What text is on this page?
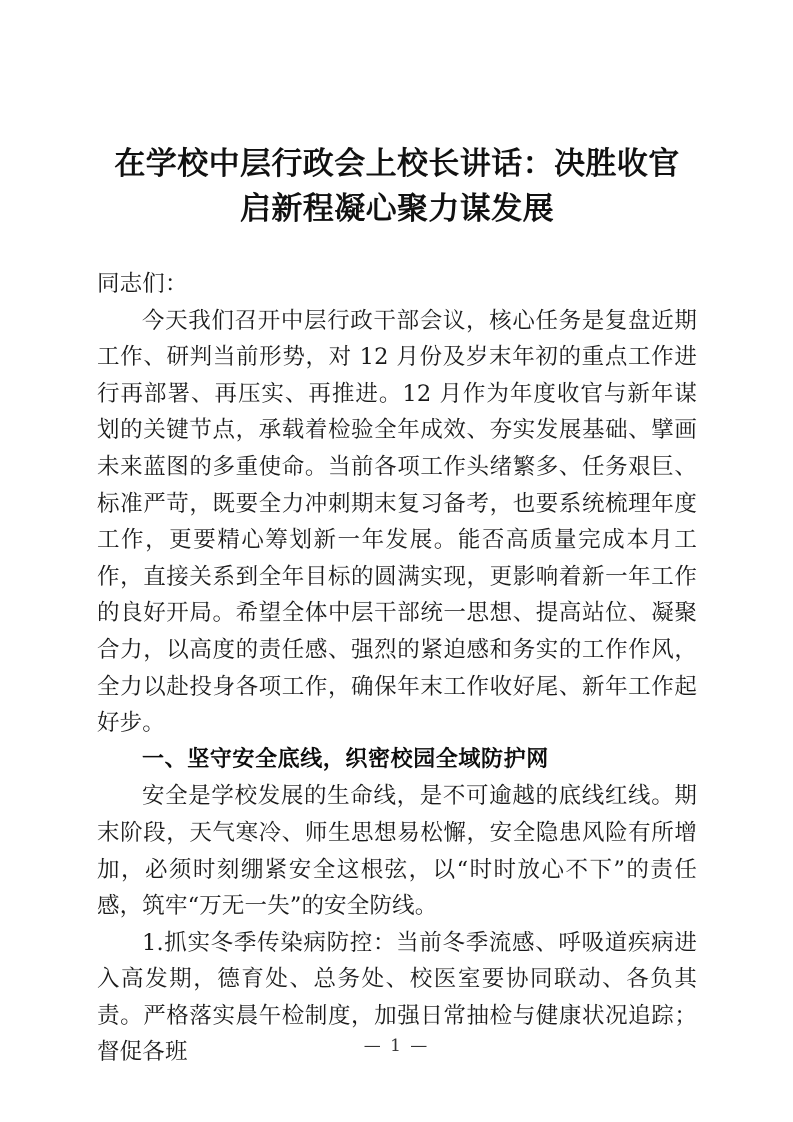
在学校中层行政会上校长讲话：决胜收官
启新程凝心聚力谋发展

同志们：

今天我们召开中层行政干部会议，核心任务是复盘近期工作、研判当前形势，对 12 月份及岁末年初的重点工作进行再部署、再压实、再推进。12 月作为年度收官与新年谋划的关键节点，承载着检验全年成效、夯实发展基础、擘画未来蓝图的多重使命。当前各项工作头绪繁多、任务艰巨、标准严苛，既要全力冲刺期末复习备考，也要系统梳理年度工作，更要精心筹划新一年发展。能否高质量完成本月工作，直接关系到全年目标的圆满实现，更影响着新一年工作的良好开局。希望全体中层干部统一思想、提高站位、凝聚合力，以高度的责任感、强烈的紧迫感和务实的工作作风，全力以赴投身各项工作，确保年末工作收好尾、新年工作起好步。

一、坚守安全底线，织密校园全域防护网

安全是学校发展的生命线，是不可逾越的底线红线。期末阶段，天气寒冷、师生思想易松懈，安全隐患风险有所增加，必须时刻绷紧安全这根弦，以“时时放心不下”的责任感，筑牢“万无一失”的安全防线。

1.抓实冬季传染病防控：当前冬季流感、呼吸道疾病进入高发期，德育处、总务处、校医室要协同联动、各负其责。严格落实晨午检制度，加强日常抽检与健康状况追踪；督促各班	— 1 —
